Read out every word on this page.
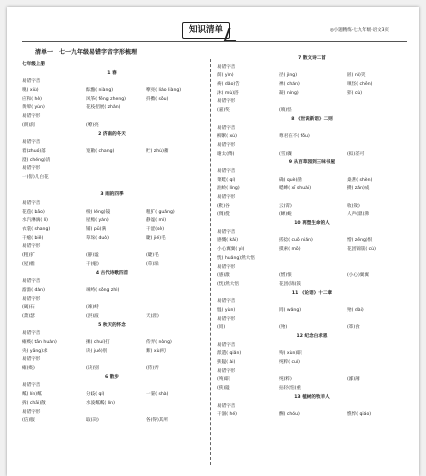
知识清单	◎小题精练·七九年级·语文3页
清单一　七一九年级易错字音字形梳理
七年级上册
1 春
易错字音
嗅( xiù)	酝酿( niàng)	嘹亮( liáo liàng)
应和( hè)	风筝( fēng zheng)	抖擞( sǒu)
黄晕( yùn)	花枝招展( zhǎn)
易错字形
(朗)润	(嘹)亮
2 济南的冬天
易错字音
着(zhuó)落	宽敞( chang)	贮( zhù)蓄
澄( chéng)清
易错字形
一(髻)儿白花
3 雨的四季
易错字音
花苞( bāo)	棱( léng)镜	粗犷( guǎng)
水汽淋漓( lí)	屋檐( yán)	静谧( mì)
衣裳( shang)	铺( pū)满	干涩(sè)
干瘪( biě)	草垛( duò)	睫( jié)毛
易错字形
(粗)犷	(静)谧	(睫)毛
(屋)檐	干(瘪)	(草)垛
4 古代诗歌四首
易错字音
澹澹( dàn)	竦峙( sǒng zhì)
易错字形
(碣)石	(竦)峙
(萧)瑟	(洪)波	天(涯)
5 秋天的怀念
易错字音
瘫痪( tān huàn)	捶( chuí)打	侍弄( nòng)
央( yāng)求	诀( jué)别	絮( xù)叨
易错字形
瘫(痪)	(诀)别	(侍)弄
6 散步
易错字音
粼( lín)粼	分歧( qí)	一霎( shà)
拆( chāi)散	水波粼粼( lín)
易错字形
(信)服	取(决)	各(得)其所
7 散文诗二首
易错字音
荫( yìn)	径( jìng)	匿( nì)笑
祷( dǎo)告	禅( chán)	嗔怪( chēn)
沐( mù)浴	凝( níng)	猝( cù)
易错字形
(嘉)奖	(嗔)怪
8 《世说新语》二则
易错字音
柳絮( xù)	尊君在不( fǒu)
易错字形
谢太(傅)	(雪)骤	(拟)差可
9 从百草园到三味书屋
易错字音
菜畦( qí)	确( què)凿	桑葚( shèn)
油蛉( líng)	蟋蟀( xī shuài)	攒( zǎn)成
易错字形
(秕)谷	云(霄)	收(敛)
(倜)傥	(蝉)蜕	人声(鼎)沸
10 再塑生命的人
易错字音
感慨( kǎi)	搓捻( cuō niǎn)	憎( zēng)恨
小心翼翼( yì)	摸索( mō)	花团锦簇( cù)
恍( huǎng)然大悟
易错字形
(感)激	(憎)恨	(小心)翼翼
(恍)然大悟	花团(锦)簇
11 《论语》十二章
易错字音
愠( yùn)	罔( wǎng)	殆( dài)
易错字形
(罔)	(殆)	(箪)食
12 纪念白求恩
易错字音
派遣( qiǎn)	殉( xùn)职
狭隘( ài)	纯粹( cuì)
易错字形
(殉)职	纯(粹)	(鄙)薄
(狭)隘	拈轻(怕)重
13 植树的牧羊人
易错字音
干涸( hé)	酬( chóu)	憔悴( qiáo)
